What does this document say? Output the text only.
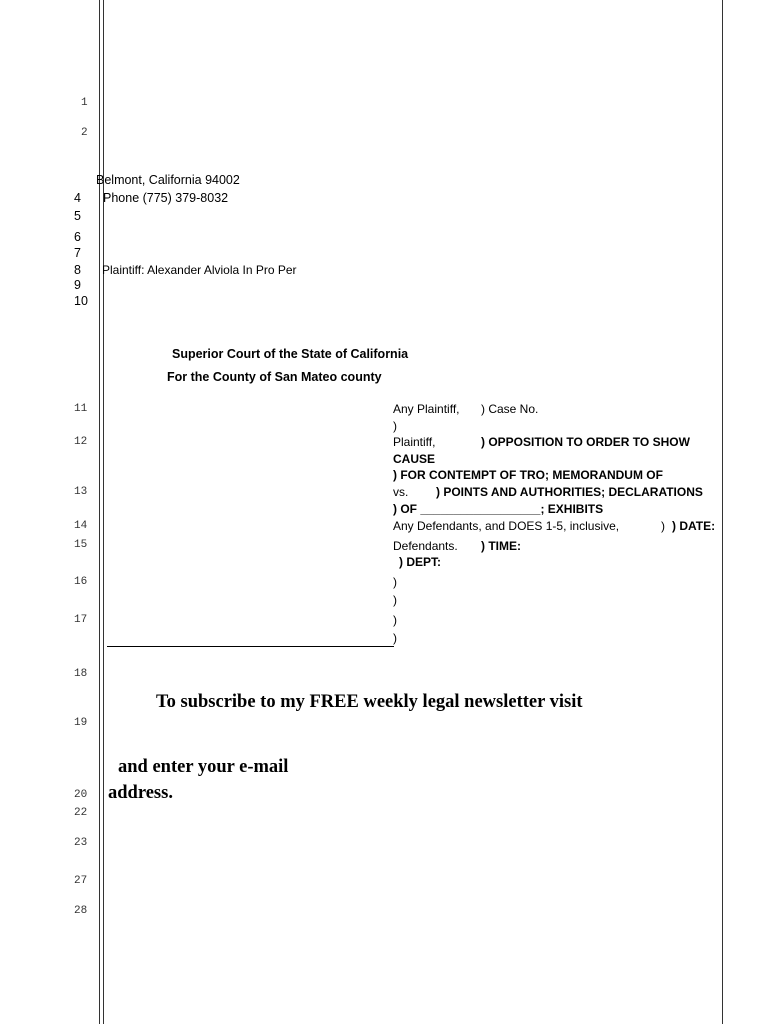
1
2
Belmont, California 94002
4 Phone (775) 379-8032
5
6
7
8 Plaintiff: Alexander Alviola In Pro Per
9
10
Superior Court of the State of California
For the County of San Mateo county
11
12
13
14
15
16
17
18
19
20
22
23
27
28
Any Plaintiff, ) Case No.
)
Plaintiff,	) OPPOSITION TO ORDER TO SHOW
CAUSE
) FOR CONTEMPT OF TRO; MEMORANDUM OF
vs. ) POINTS AND AUTHORITIES; DECLARATIONS
) OF __________________; EXHIBITS
Any Defendants, and DOES 1-5, inclusive,	) ) DATE:
Defendants. ) TIME:
) DEPT:
)
)
)
)
To subscribe to my FREE weekly legal newsletter visit
and enter your e-mail
address.
